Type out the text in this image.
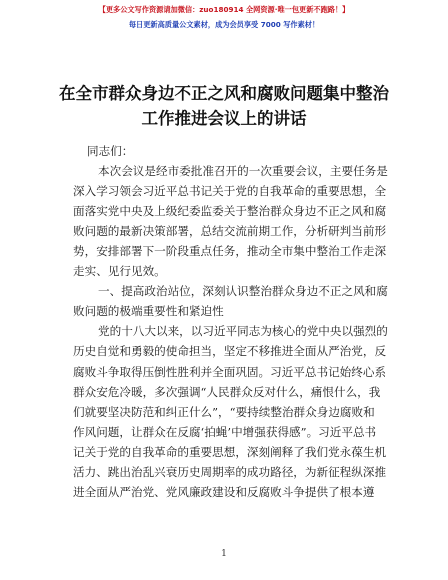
【更多公文写作资源请加微信：zuo180914 全网资源·唯一包更新不跑路！】
每日更新高质量公文素材，成为会员享受 7000 写作素材！
在全市群众身边不正之风和腐败问题集中整治
工作推进会议上的讲话
同志们：
本次会议是经市委批准召开的一次重要会议，主要任务是
深入学习领会习近平总书记关于党的自我革命的重要思想，全
面落实党中央及上级纪委监委关于整治群众身边不正之风和腐
败问题的最新决策部署，总结交流前期工作，分析研判当前形
势，安排部署下一阶段重点任务，推动全市集中整治工作走深
走实、见行见效。
一、提高政治站位，深刻认识整治群众身边不正之风和腐
败问题的极端重要性和紧迫性
党的十八大以来，以习近平同志为核心的党中央以强烈的
历史自觉和勇毅的使命担当，坚定不移推进全面从严治党，反
腐败斗争取得压倒性胜利并全面巩固。习近平总书记始终心系
群众安危冷暖，多次强调“人民群众反对什么，痛恨什么，我
们就要坚决防范和纠正什么”，“要持续整治群众身边腐败和
作风问题，让群众在反腐‘拍蝇’中增强获得感”。习近平总书
记关于党的自我革命的重要思想，深刻阐释了我们党永葆生机
活力、跳出治乱兴衰历史周期率的成功路径，为新征程纵深推
进全面从严治党、党风廉政建设和反腐败斗争提供了根本遵
1
